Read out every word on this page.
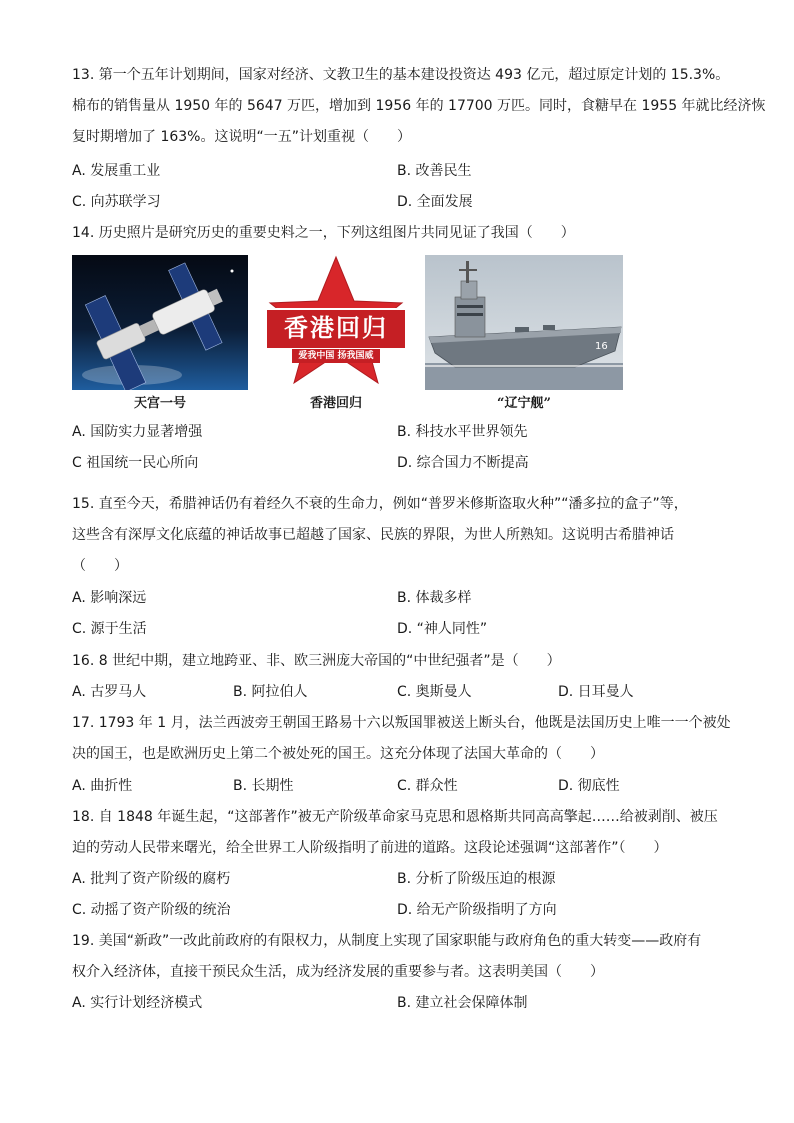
13. 第一个五年计划期间，国家对经济、文教卫生的基本建设投资达 493 亿元，超过原定计划的 15.3%。
棉布的销售量从 1950 年的 5647 万匹，增加到 1956 年的 17700 万匹。同时，食糖早在 1955 年就比经济恢
复时期增加了 163%。这说明“一五”计划重视（　　）
A. 发展重工业	B. 改善民生
C. 向苏联学习	D. 全面发展
14. 历史照片是研究历史的重要史料之一，下列这组图片共同见证了我国（　　）
天宫一号
香港回归
爱我中国 扬我国威
香港回归
16
“辽宁舰”
A. 国防实力显著增强	B. 科技水平世界领先
C 祖国统一民心所向	D. 综合国力不断提高
15. 直至今天，希腊神话仍有着经久不衰的生命力，例如“普罗米修斯盗取火种”“潘多拉的盒子”等，
这些含有深厚文化底蕴的神话故事已超越了国家、民族的界限，为世人所熟知。这说明古希腊神话
（　　）
A. 影响深远	B. 体裁多样
C. 源于生活	D. “神人同性”
16. 8 世纪中期，建立地跨亚、非、欧三洲庞大帝国的“中世纪强者”是（　　）
A. 古罗马人	B. 阿拉伯人	C. 奥斯曼人	D. 日耳曼人
17. 1793 年 1 月，法兰西波旁王朝国王路易十六以叛国罪被送上断头台，他既是法国历史上唯一一个被处
决的国王，也是欧洲历史上第二个被处死的国王。这充分体现了法国大革命的（　　）
A. 曲折性	B. 长期性	C. 群众性	D. 彻底性
18. 自 1848 年诞生起，“这部著作”被无产阶级革命家马克思和恩格斯共同高高擎起……给被剥削、被压
迫的劳动人民带来曙光，给全世界工人阶级指明了前进的道路。这段论述强调“这部著作”（　　）
A. 批判了资产阶级的腐朽	B. 分析了阶级压迫的根源
C. 动摇了资产阶级的统治	D. 给无产阶级指明了方向
19. 美国“新政”一改此前政府的有限权力，从制度上实现了国家职能与政府角色的重大转变——政府有
权介入经济体，直接干预民众生活，成为经济发展的重要参与者。这表明美国（　　）
A. 实行计划经济模式	B. 建立社会保障体制
